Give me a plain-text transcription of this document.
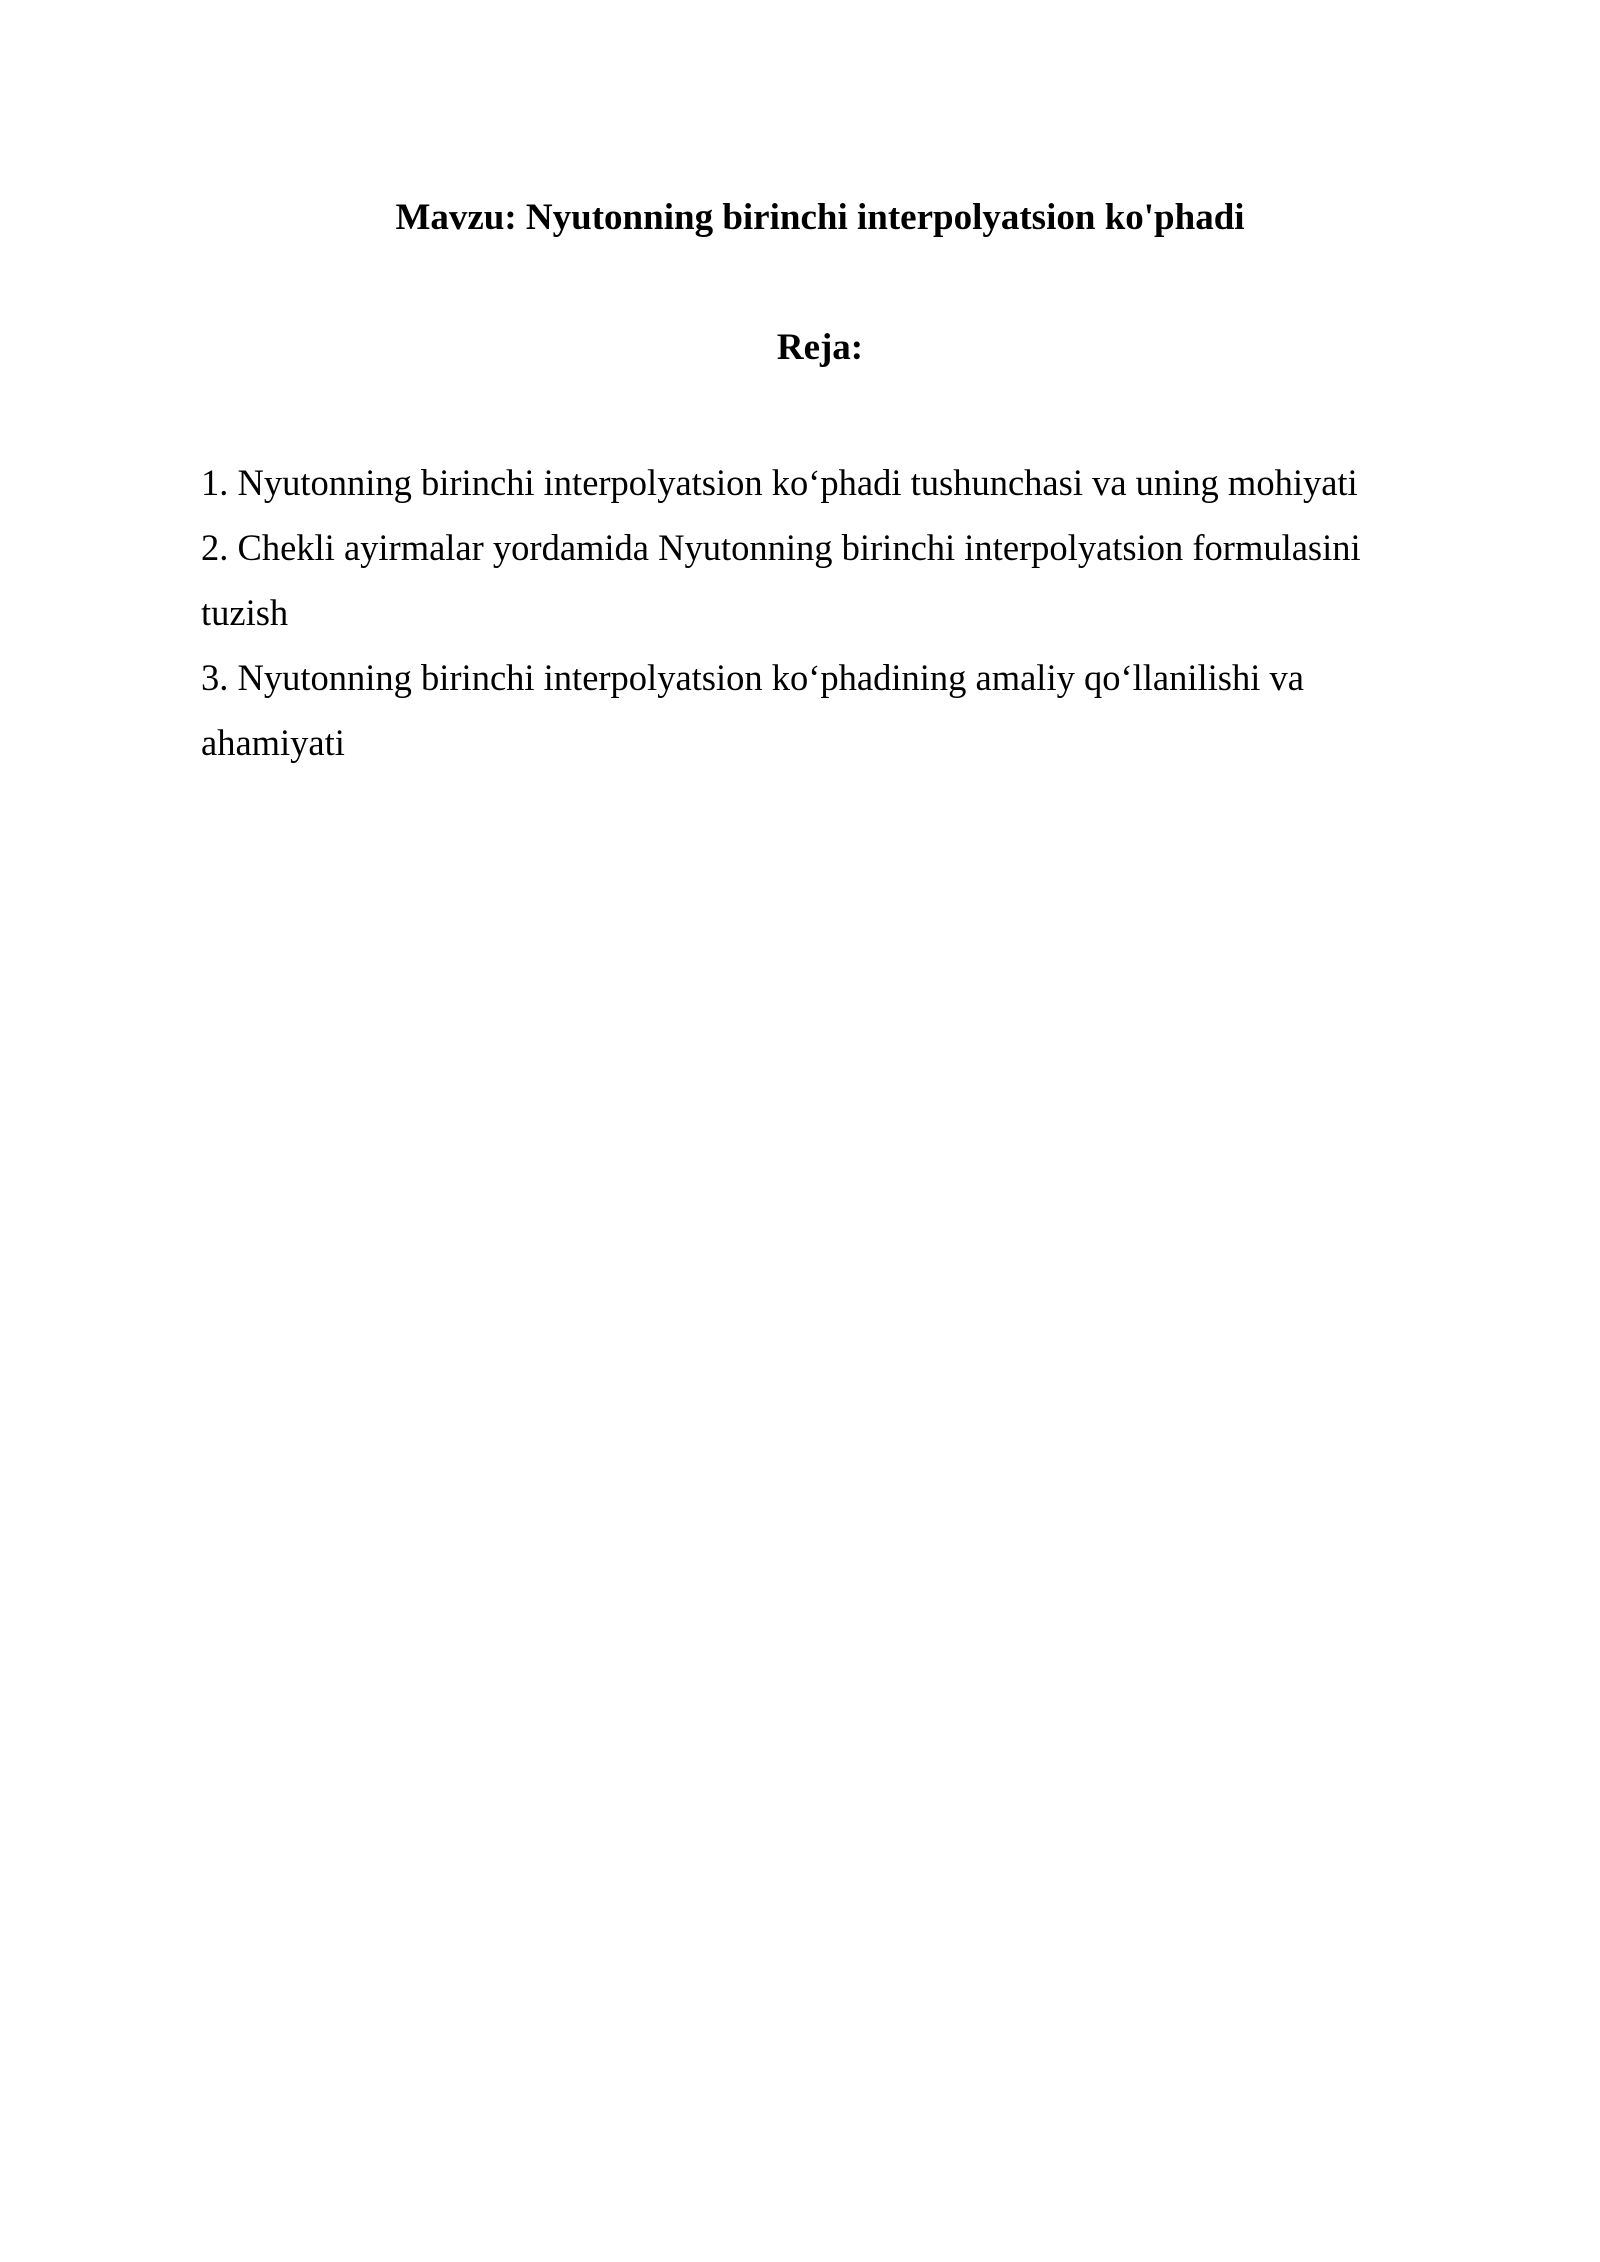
Mavzu: Nyutonning birinchi interpolyatsion ko'phadi
Reja:
1. Nyutonning birinchi interpolyatsion ko‘phadi tushunchasi va uning mohiyati
2. Chekli ayirmalar yordamida Nyutonning birinchi interpolyatsion formulasini tuzish
3. Nyutonning birinchi interpolyatsion ko‘phadining amaliy qo‘llanilishi va ahamiyati
